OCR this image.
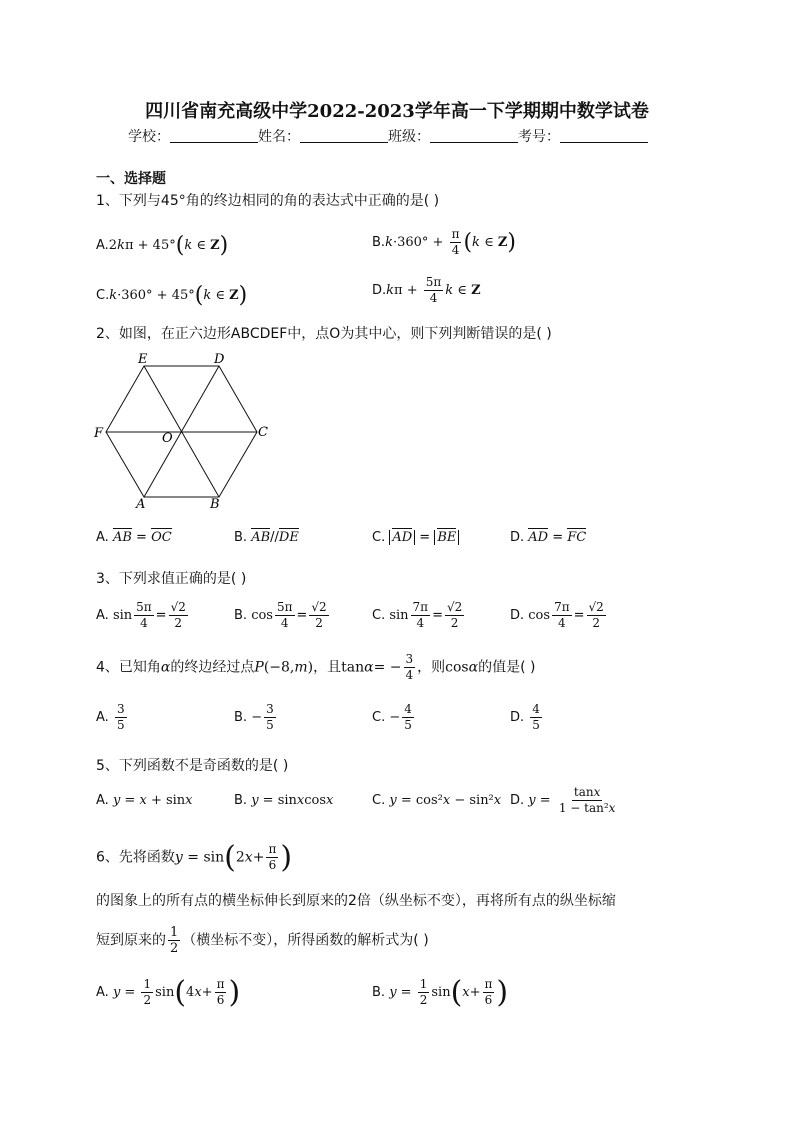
四川省南充高级中学2022-2023学年高一下学期期中数学试卷
学校：	姓名：	班级：	考号：
一、选择题
1、下列与45°角的终边相同的角的表达式中正确的是( )
A.2kπ + 45°(k ∈ Z)	$B.k\cdot 360^\circ + \frac{\pi}{4} (k$ ∈ Z)
C.k·360° + 45°(k ∈ Z)	$D.k\pi + \frac{5\pi}{4}$ k ∈ Z
2、如图，在正六边形ABCDEF中，点O为其中心，则下列判断错误的是( )
E	D
F	O	C
A	B
A. AB = OC	B. AB//DE	C. AD = BE	D. AD = FC
3、下列求值正确的是( )
A. $\sin \frac{5\pi}{4} = \frac{√2}{2}$	B. $\cos \frac{5\pi}{4} = \frac{√2}{2}$	C. $\sin \frac{7\pi}{4} = \frac{√2}{2}$	D. $\cos \frac{7\pi}{4} = \frac{√2}{2}$
4、已知角α的终边经过点P(−8,m)，且$\tan\alpha= - \frac{3}{4}$ ，则cosα的值是( )
A. $\frac{3}{5}$	B. − $\frac{3}{5}$	C. − $\frac{4}{5}$	D. $\frac{4}{5}$
5、下列函数不是奇函数的是( )
A. y = x + sinx	B. y = sinxcosx	C. y = cos²x − sin²x D. $y = \frac{\tan x}{\text{1 − tan²x}}$
6、先将函数$y = \sin(2x+ \frac{\pi}{6}$ )
的图象上的所有点的横坐标伸长到原来的2倍（纵坐标不变），再将所有点的纵坐标缩
短到原来的 $\frac{1}{2}$ （横坐标不变），所得函数的解析式为( )
A. $y = \frac{1}{2} \sin(4x+ \frac{\pi}{6}$ )	B. $y = \frac{1}{2} \sin(x+ \frac{\pi}{6}$ )
